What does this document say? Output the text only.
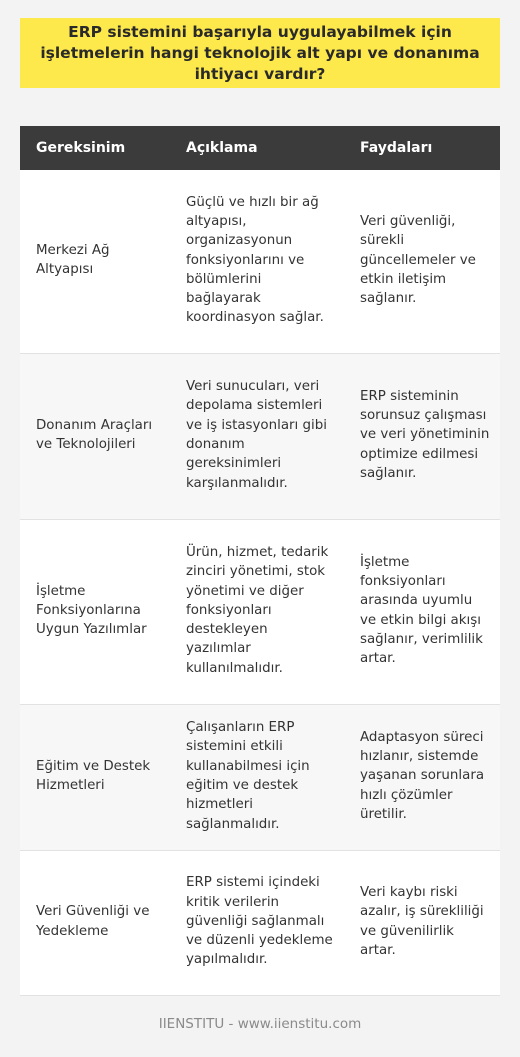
ERP sistemini başarıyla uygulayabilmek için işletmelerin hangi teknolojik alt yapı ve donanıma ihtiyacı vardır?
Gereksinim	Açıklama	Faydaları
Merkezi Ağ Altyapısı	Güçlü ve hızlı bir ağ altyapısı, organizasyonun fonksiyonlarını ve bölümlerini bağlayarak koordinasyon sağlar.	Veri güvenliği, sürekli güncellemeler ve etkin iletişim sağlanır.
Donanım Araçları ve Teknolojileri	Veri sunucuları, veri depolama sistemleri ve iş istasyonları gibi donanım gereksinimleri karşılanmalıdır.	ERP sisteminin sorunsuz çalışması ve veri yönetiminin optimize edilmesi sağlanır.
İşletme Fonksiyonlarına Uygun Yazılımlar	Ürün, hizmet, tedarik zinciri yönetimi, stok yönetimi ve diğer fonksiyonları destekleyen yazılımlar kullanılmalıdır.	İşletme fonksiyonları arasında uyumlu ve etkin bilgi akışı sağlanır, verimlilik artar.
Eğitim ve Destek Hizmetleri	Çalışanların ERP sistemini etkili kullanabilmesi için eğitim ve destek hizmetleri sağlanmalıdır.	Adaptasyon süreci hızlanır, sistemde yaşanan sorunlara hızlı çözümler üretilir.
Veri Güvenliği ve Yedekleme	ERP sistemi içindeki kritik verilerin güvenliği sağlanmalı ve düzenli yedekleme yapılmalıdır.	Veri kaybı riski azalır, iş sürekliliği ve güvenilirlik artar.
IIENSTITU - www.iienstitu.com
